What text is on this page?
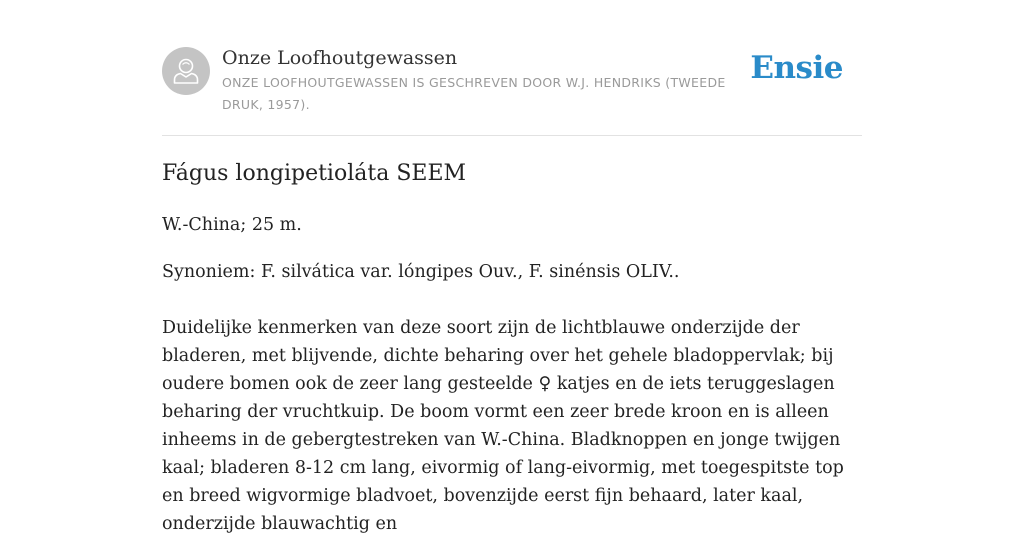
Onze Loofhoutgewassen
ONZE LOOFHOUTGEWASSEN IS GESCHREVEN DOOR W.J. HENDRIKS (TWEEDE DRUK, 1957).
Ensie
Fágus longipetioláta SEEM

W.-China; 25 m.

Synoniem: F. silvática var. lóngipes Ouv., F. sinénsis OLIV..

Duidelijke kenmerken van deze soort zijn de lichtblauwe onderzijde der bladeren, met blijvende, dichte beharing over het gehele bladoppervlak; bij oudere bomen ook de zeer lang gesteelde ♀ katjes en de iets teruggeslagen beharing der vruchtkuip. De boom vormt een zeer brede kroon en is alleen inheems in de gebergtestreken van W.-China. Bladknoppen en jonge twijgen kaal; bladeren 8-12 cm lang, eivormig of lang-eivormig, met toegespitste top en breed wigvormige bladvoet, bovenzijde eerst fijn behaard, later kaal, onderzijde blauwachtig en
